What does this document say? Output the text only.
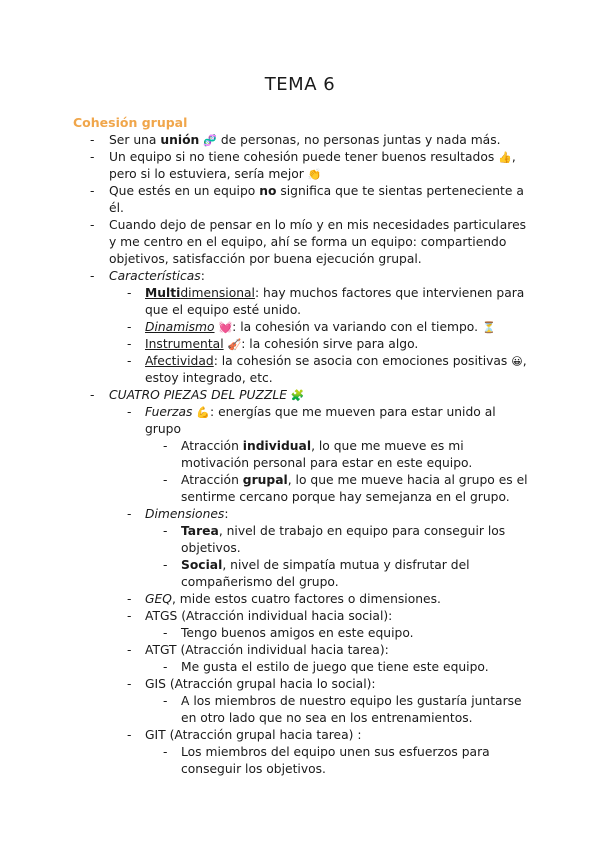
TEMA 6
Cohesión grupal
- Ser una unión 🧬 de personas, no personas juntas y nada más.
- Un equipo si no tiene cohesión puede tener buenos resultados 👍, pero si lo estuviera, sería mejor 👏
- Que estés en un equipo no significa que te sientas perteneciente a él.
- Cuando dejo de pensar en lo mío y en mis necesidades particulares y me centro en el equipo, ahí se forma un equipo: compartiendo objetivos, satisfacción por buena ejecución grupal.
- Características:
- Multidimensional: hay muchos factores que intervienen para que el equipo esté unido.
- Dinamismo 💓: la cohesión va variando con el tiempo. ⏳
- Instrumental 🎻: la cohesión sirve para algo.
- Afectividad: la cohesión se asocia con emociones positivas 😀, estoy integrado, etc.
- CUATRO PIEZAS DEL PUZZLE 🧩
- Fuerzas 💪: energías que me mueven para estar unido al grupo
- Atracción individual, lo que me mueve es mi motivación personal para estar en este equipo.
- Atracción grupal, lo que me mueve hacia al grupo es el sentirme cercano porque hay semejanza en el grupo.
- Dimensiones:
- Tarea, nivel de trabajo en equipo para conseguir los objetivos.
- Social, nivel de simpatía mutua y disfrutar del compañerismo del grupo.
- GEQ, mide estos cuatro factores o dimensiones.
- ATGS (Atracción individual hacia social):
- Tengo buenos amigos en este equipo.
- ATGT (Atracción individual hacia tarea):
- Me gusta el estilo de juego que tiene este equipo.
- GIS (Atracción grupal hacia lo social):
- A los miembros de nuestro equipo les gustaría juntarse en otro lado que no sea en los entrenamientos.
- GIT (Atracción grupal hacia tarea) :
- Los miembros del equipo unen sus esfuerzos para conseguir los objetivos.
